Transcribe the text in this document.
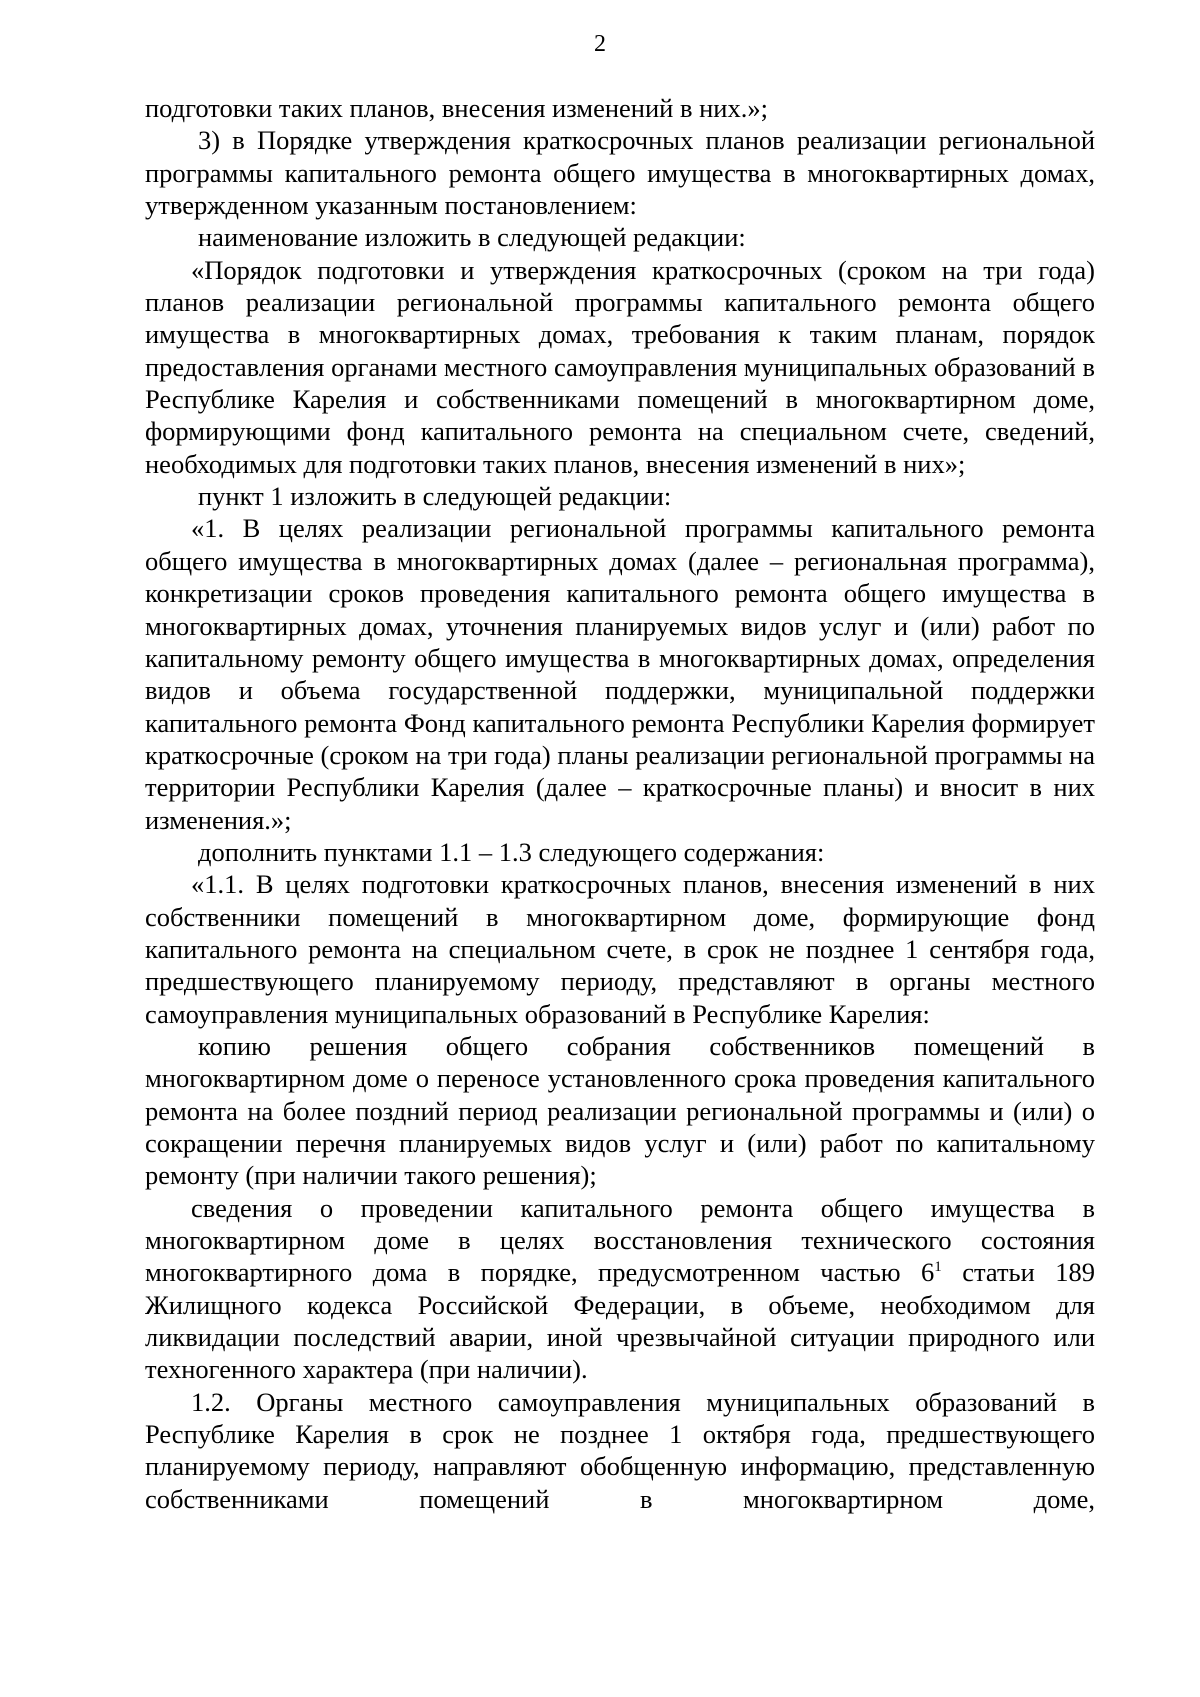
2

подготовки таких планов, внесения изменений в них.»;

3) в Порядке утверждения краткосрочных планов реализации региональной программы капитального ремонта общего имущества в многоквартирных домах, утвержденном указанным постановлением:

наименование изложить в следующей редакции:

«Порядок подготовки и утверждения краткосрочных (сроком на три года) планов реализации региональной программы капитального ремонта общего имущества в многоквартирных домах, требования к таким планам, порядок предоставления органами местного самоуправления муниципальных образований в Республике Карелия и собственниками помещений в многоквартирном доме, формирующими фонд капитального ремонта на специальном счете, сведений, необходимых для подготовки таких планов, внесения изменений в них»;

пункт 1 изложить в следующей редакции:

«1. В целях реализации региональной программы капитального ремонта общего имущества в многоквартирных домах (далее – региональная программа), конкретизации сроков проведения капитального ремонта общего имущества в многоквартирных домах, уточнения планируемых видов услуг и (или) работ по капитальному ремонту общего имущества в многоквартирных домах, определения видов и объема государственной поддержки, муниципальной поддержки капитального ремонта Фонд капитального ремонта Республики Карелия формирует краткосрочные (сроком на три года) планы реализации региональной программы на территории Республики Карелия (далее – краткосрочные планы) и вносит в них изменения.»;

дополнить пунктами 1.1 – 1.3 следующего содержания:

«1.1. В целях подготовки краткосрочных планов, внесения изменений в них собственники помещений в многоквартирном доме, формирующие фонд капитального ремонта на специальном счете, в срок не позднее 1 сентября года, предшествующего планируемому периоду, представляют в органы местного самоуправления муниципальных образований в Республике Карелия:

копию решения общего собрания собственников помещений в многоквартирном доме о переносе установленного срока проведения капитального ремонта на более поздний период реализации региональной программы и (или) о сокращении перечня планируемых видов услуг и (или) работ по капитальному ремонту (при наличии такого решения);

сведения о проведении капитального ремонта общего имущества в многоквартирном доме в целях восстановления технического состояния многоквартирного дома в порядке, предусмотренном частью $6^1$ статьи 189 Жилищного кодекса Российской Федерации, в объеме, необходимом для ликвидации последствий аварии, иной чрезвычайной ситуации природного или техногенного характера (при наличии).

1.2. Органы местного самоуправления муниципальных образований в Республике Карелия в срок не позднее 1 октября года, предшествующего планируемому периоду, направляют обобщенную информацию, представленную собственниками помещений в многоквартирном доме,
